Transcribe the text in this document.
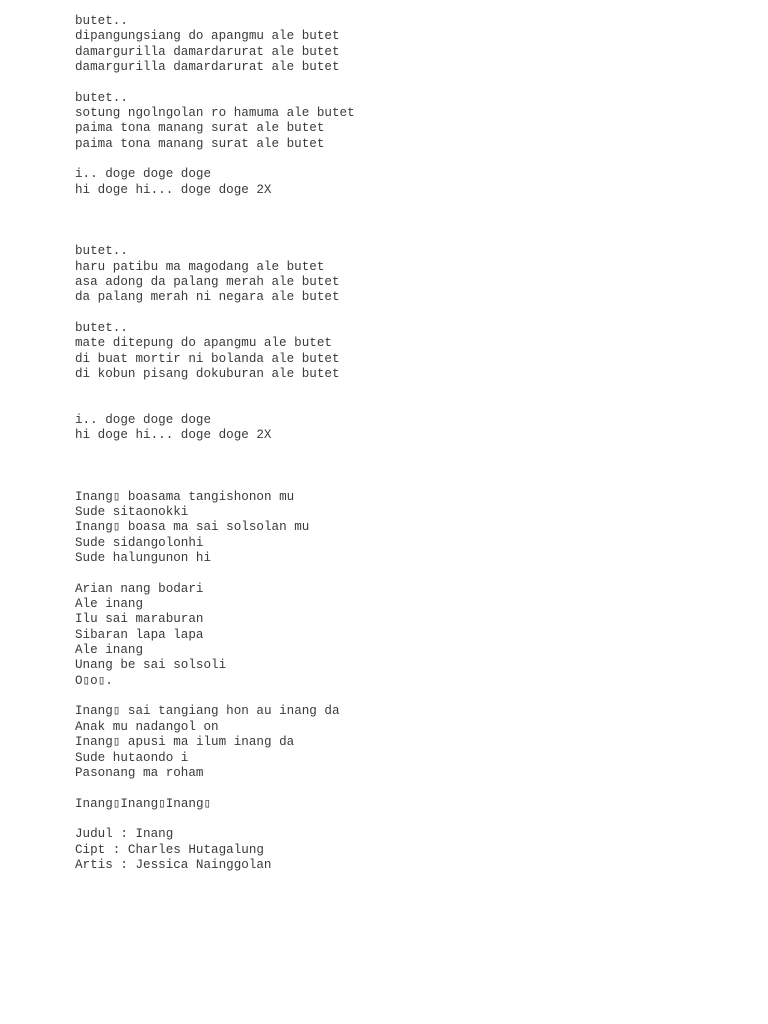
butet..
dipangungsiang do apangmu ale butet
damargurilla damardarurat ale butet
damargurilla damardarurat ale butet
butet..
sotung ngolngolan ro hamuma ale butet
paima tona manang surat ale butet
paima tona manang surat ale butet
i.. doge doge doge
hi doge hi... doge doge 2X
butet..
haru patibu ma magodang ale butet
asa adong da palang merah ale butet
da palang merah ni negara ale butet
butet..
mate ditepung do apangmu ale butet
di buat mortir ni bolanda ale butet
di kobun pisang dokuburan ale butet
i.. doge doge doge
hi doge hi... doge doge 2X
Inang▯ boasama tangishonon mu
Sude sitaonokki
Inang▯ boasa ma sai solsolan mu
Sude sidangolonhi
Sude halungunon hi
Arian nang bodari
Ale inang
Ilu sai maraburan
Sibaran lapa lapa
Ale inang
Unang be sai solsoli
O▯o▯.
Inang▯ sai tangiang hon au inang da
Anak mu nadangol on
Inang▯ apusi ma ilum inang da
Sude hutaondo i
Pasonang ma roham
Inang▯Inang▯Inang▯
Judul : Inang
Cipt : Charles Hutagalung
Artis : Jessica Nainggolan
